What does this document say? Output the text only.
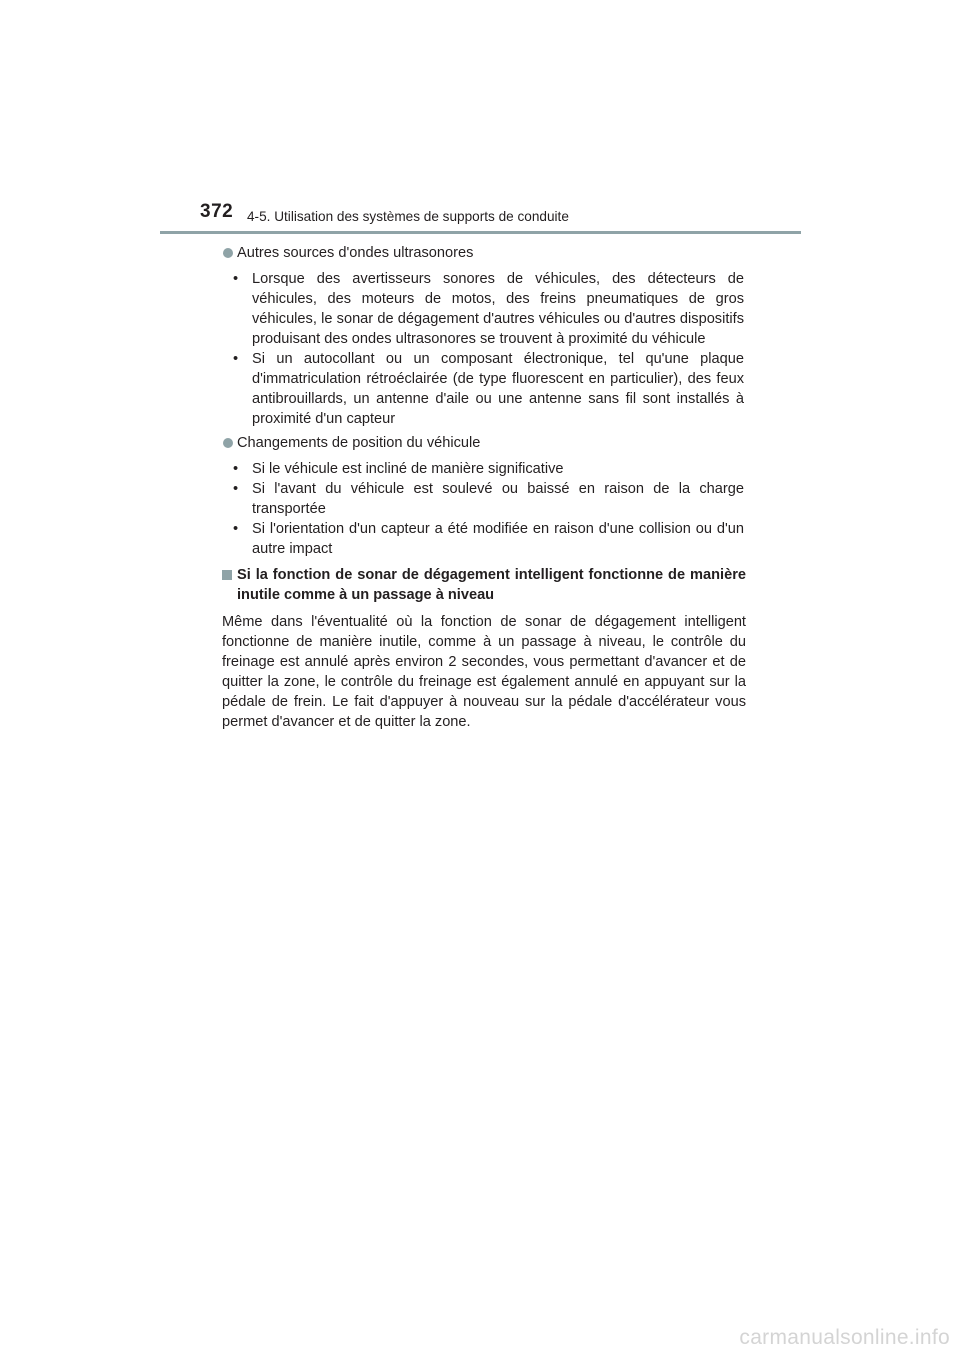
372 4-5. Utilisation des systèmes de supports de conduite
Autres sources d'ondes ultrasonores
• Lorsque des avertisseurs sonores de véhicules, des détecteurs de véhicules, des moteurs de motos, des freins pneumatiques de gros véhicules, le sonar de dégagement d'autres véhicules ou d'autres dispositifs produisant des ondes ultrasonores se trouvent à proximité du véhicule
• Si un autocollant ou un composant électronique, tel qu'une plaque d'immatriculation rétroéclairée (de type fluorescent en particulier), des feux antibrouillards, un antenne d'aile ou une antenne sans fil sont installés à proximité d'un capteur
Changements de position du véhicule
• Si le véhicule est incliné de manière significative
• Si l'avant du véhicule est soulevé ou baissé en raison de la charge transportée
• Si l'orientation d'un capteur a été modifiée en raison d'une collision ou d'un autre impact
Si la fonction de sonar de dégagement intelligent fonctionne de manière inutile comme à un passage à niveau

Même dans l'éventualité où la fonction de sonar de dégagement intelligent fonctionne de manière inutile, comme à un passage à niveau, le contrôle du freinage est annulé après environ 2 secondes, vous permettant d'avancer et de quitter la zone, le contrôle du freinage est également annulé en appuyant sur la pédale de frein. Le fait d'appuyer à nouveau sur la pédale d'accélérateur vous permet d'avancer et de quitter la zone.

carmanualsonline.info
